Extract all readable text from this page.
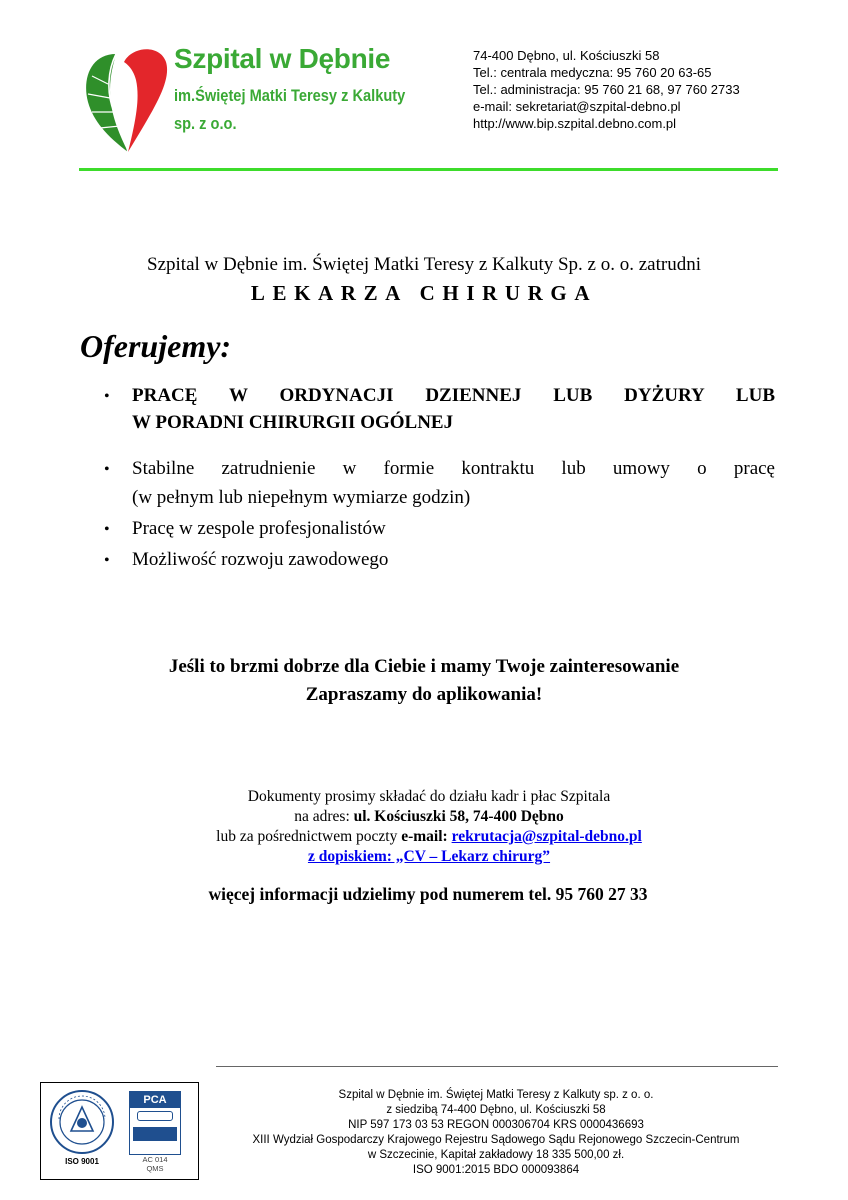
Szpital w Dębnie
im.Świętej Matki Teresy z Kalkuty
sp. z o.o.
74-400 Dębno, ul. Kościuszki 58
Tel.: centrala medyczna: 95 760 20 63-65
Tel.: administracja: 95 760 21 68, 97 760 2733
e-mail: sekretariat@szpital-debno.pl
http://www.bip.szpital.debno.com.pl
Szpital w Dębnie im. Świętej Matki Teresy z Kalkuty Sp. z o. o. zatrudni
LEKARZA CHIRURGA
Oferujemy:
• PRACĘ W ORDYNACJI DZIENNEJ LUB DYŻURY LUB
W PORADNI CHIRURGII OGÓLNEJ
• Stabilne zatrudnienie w formie kontraktu lub umowy o pracę
(w pełnym lub niepełnym wymiarze godzin)
• Pracę w zespole profesjonalistów
• Możliwość rozwoju zawodowego
Jeśli to brzmi dobrze dla Ciebie i mamy Twoje zainteresowanie
Zapraszamy do aplikowania!
Dokumenty prosimy składać do działu kadr i płac Szpitala
na adres: ul. Kościuszki 58, 74-400 Dębno
lub za pośrednictwem poczty e-mail: rekrutacja@szpital-debno.pl
z dopiskiem: „CV – Lekarz chirurg”
więcej informacji udzielimy pod numerem tel. 95 760 27 33
ISO 9001
PCA
AC 014
QMS
Szpital w Dębnie im. Świętej Matki Teresy z Kalkuty sp. z o. o.
z siedzibą 74-400 Dębno, ul. Kościuszki 58
NIP 597 173 03 53 REGON 000306704 KRS 0000436693
XIII Wydział Gospodarczy Krajowego Rejestru Sądowego Sądu Rejonowego Szczecin-Centrum
w Szczecinie, Kapitał zakładowy 18 335 500,00 zł.
ISO 9001:2015 BDO 000093864
